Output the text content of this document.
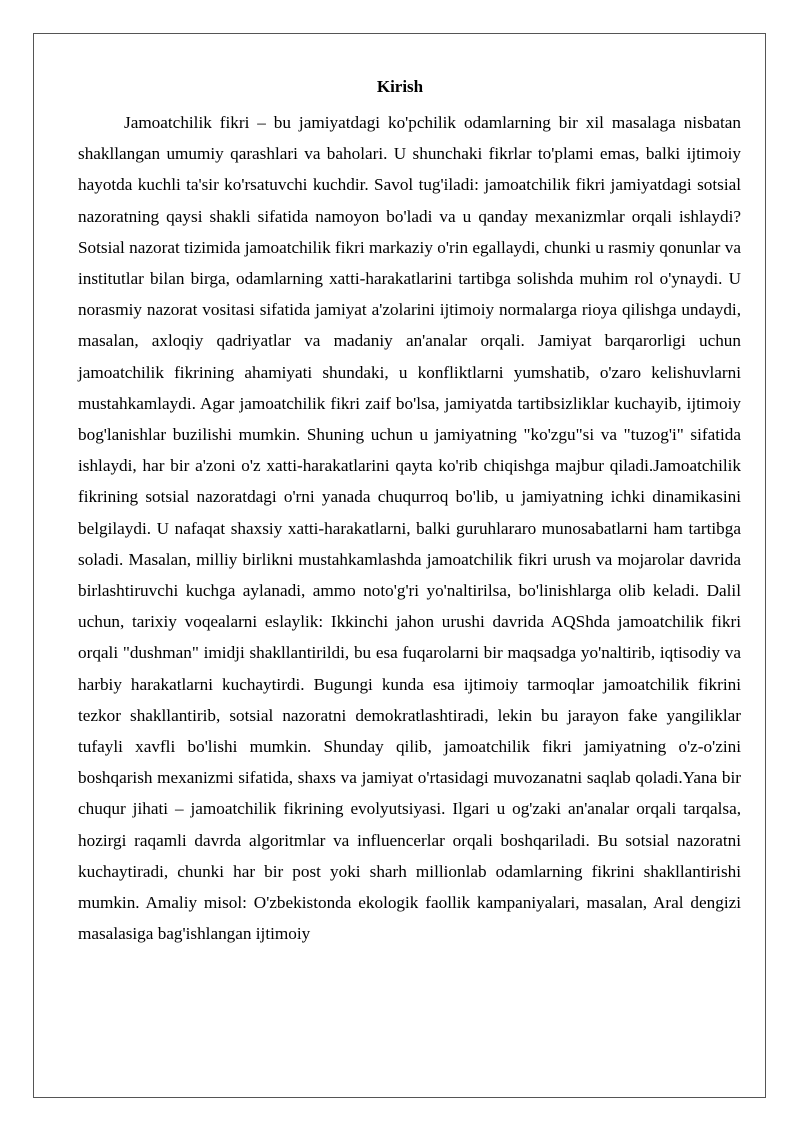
Kirish

Jamoatchilik fikri – bu jamiyatdagi ko'pchilik odamlarning bir xil masalaga nisbatan shakllangan umumiy qarashlari va baholari. U shunchaki fikrlar to'plami emas, balki ijtimoiy hayotda kuchli ta'sir ko'rsatuvchi kuchdir. Savol tug'iladi: jamoatchilik fikri jamiyatdagi sotsial nazoratning qaysi shakli sifatida namoyon bo'ladi va u qanday mexanizmlar orqali ishlaydi? Sotsial nazorat tizimida jamoatchilik fikri markaziy o'rin egallaydi, chunki u rasmiy qonunlar va institutlar bilan birga, odamlarning xatti-harakatlarini tartibga solishda muhim rol o'ynaydi. U norasmiy nazorat vositasi sifatida jamiyat a'zolarini ijtimoiy normalarga rioya qilishga undaydi, masalan, axloqiy qadriyatlar va madaniy an'analar orqali. Jamiyat barqarorligi uchun jamoatchilik fikrining ahamiyati shundaki, u konfliktlarni yumshatib, o'zaro kelishuvlarni mustahkamlaydi. Agar jamoatchilik fikri zaif bo'lsa, jamiyatda tartibsizliklar kuchayib, ijtimoiy bog'lanishlar buzilishi mumkin. Shuning uchun u jamiyatning "ko'zgu"si va "tuzog'i" sifatida ishlaydi, har bir a'zoni o'z xatti-harakatlarini qayta ko'rib chiqishga majbur qiladi.Jamoatchilik fikrining sotsial nazoratdagi o'rni yanada chuqurroq bo'lib, u jamiyatning ichki dinamikasini belgilaydi. U nafaqat shaxsiy xatti-harakatlarni, balki guruhlararo munosabatlarni ham tartibga soladi. Masalan, milliy birlikni mustahkamlashda jamoatchilik fikri urush va mojarolar davrida birlashtiruvchi kuchga aylanadi, ammo noto'g'ri yo'naltirilsa, bo'linishlarga olib keladi. Dalil uchun, tarixiy voqealarni eslaylik: Ikkinchi jahon urushi davrida AQShda jamoatchilik fikri orqali "dushman" imidji shakllantirildi, bu esa fuqarolarni bir maqsadga yo'naltirib, iqtisodiy va harbiy harakatlarni kuchaytirdi. Bugungi kunda esa ijtimoiy tarmoqlar jamoatchilik fikrini tezkor shakllantirib, sotsial nazoratni demokratlashtiradi, lekin bu jarayon fake yangiliklar tufayli xavfli bo'lishi mumkin. Shunday qilib, jamoatchilik fikri jamiyatning o'z-o'zini boshqarish mexanizmi sifatida, shaxs va jamiyat o'rtasidagi muvozanatni saqlab qoladi.Yana bir chuqur jihati – jamoatchilik fikrining evolyutsiyasi. Ilgari u og'zaki an'analar orqali tarqalsa, hozirgi raqamli davrda algoritmlar va influencerlar orqali boshqariladi. Bu sotsial nazoratni kuchaytiradi, chunki har bir post yoki sharh millionlab odamlarning fikrini shakllantirishi mumkin. Amaliy misol: O'zbekistonda ekologik faollik kampaniyalari, masalan, Aral dengizi masalasiga bag'ishlangan ijtimoiy
